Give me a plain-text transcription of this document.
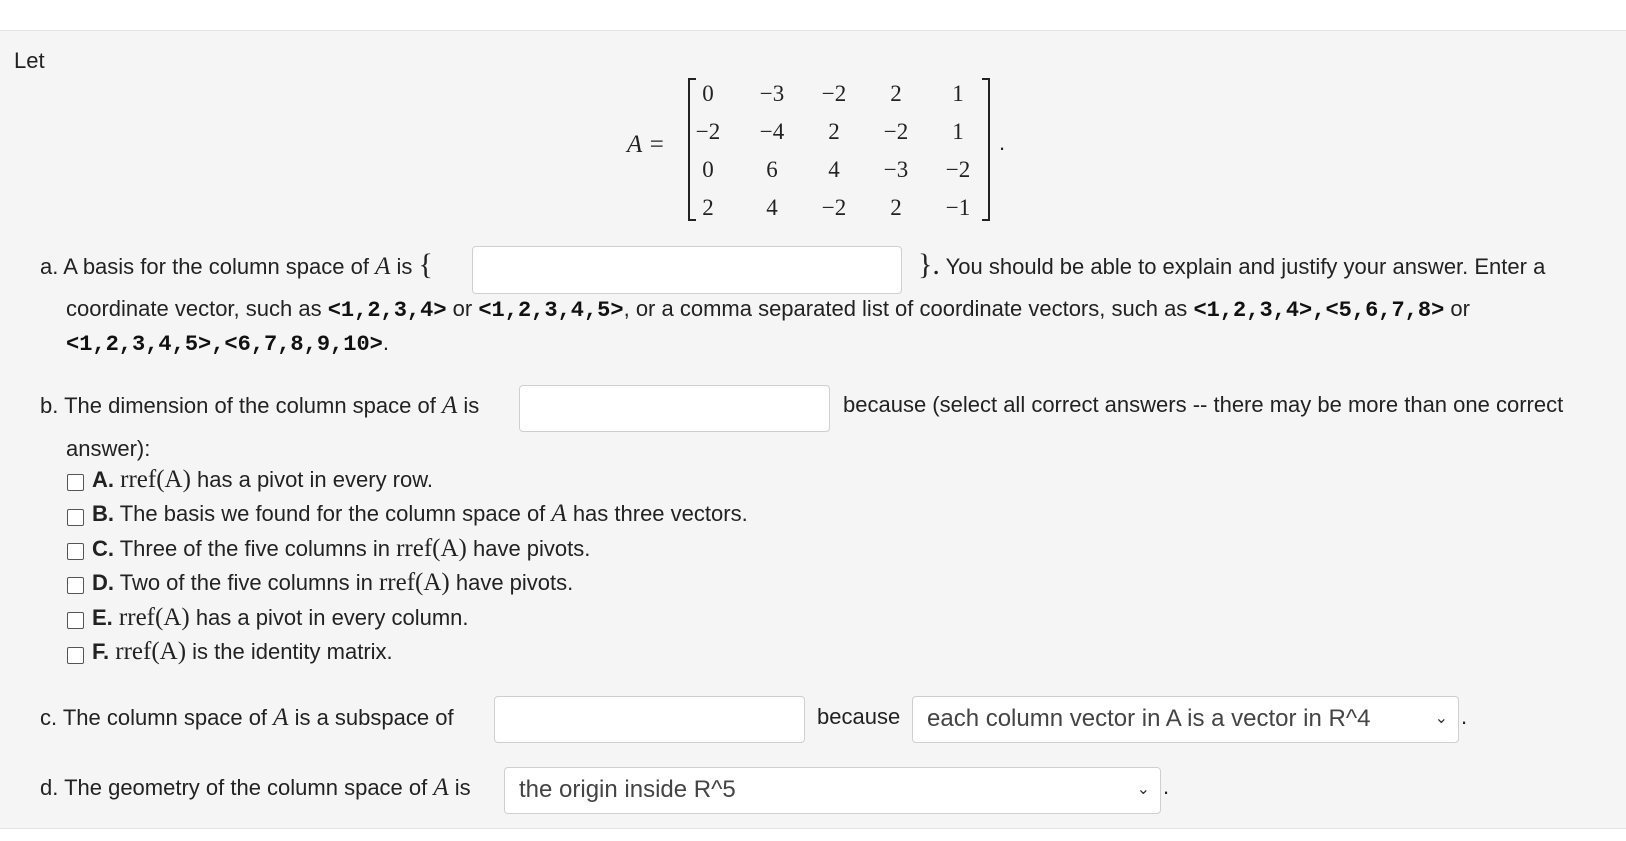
Let
A =
0	−3	−2	2	1
−2	−4	2	−2	1
0	6	4	−3	−2
2	4	−2	2	−1
.
a. A basis for the column space of A is {	}. You should be able to explain and justify your answer. Enter a
coordinate vector, such as <1,2,3,4> or <1,2,3,4,5>, or a comma separated list of coordinate vectors, such as <1,2,3,4>,<5,6,7,8> or
<1,2,3,4,5>,<6,7,8,9,10>.
b. The dimension of the column space of A is	because (select all correct answers -- there may be more than one correct
answer):
A. rref(A) has a pivot in every row.
B. The basis we found for the column space of A has three vectors.
C. Three of the five columns in rref(A) have pivots.
D. Two of the five columns in rref(A) have pivots.
E. rref(A) has a pivot in every column.
F. rref(A) is the identity matrix.
c. The column space of A is a subspace of	because	each column vector in A is a vector in R^4	⌄ .
d. The geometry of the column space of A is	the origin inside R^5	⌄ .
